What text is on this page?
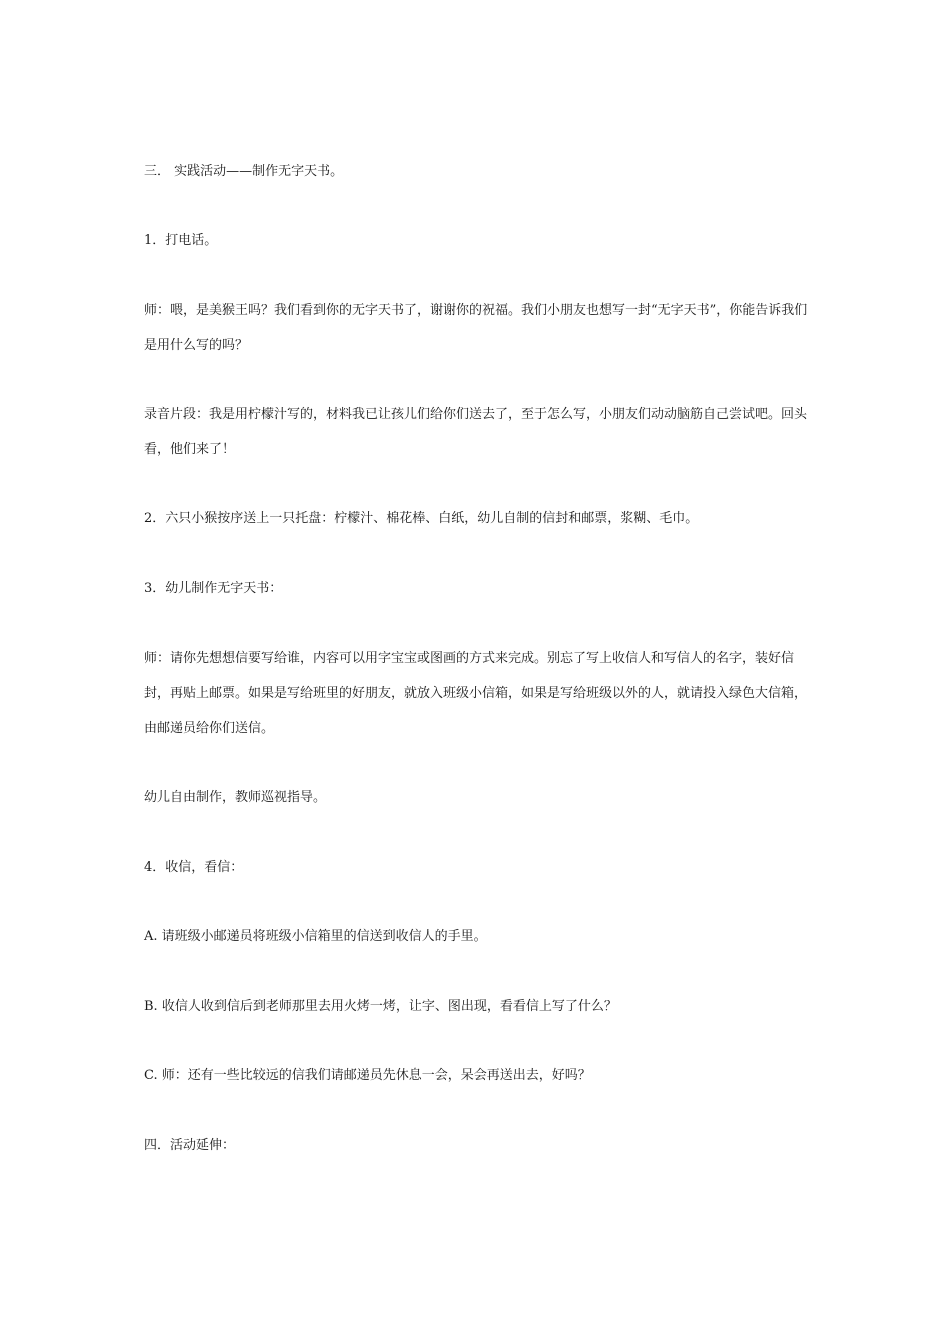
三． 实践活动——制作无字天书。

1．打电话。

师：喂，是美猴王吗？我们看到你的无字天书了，谢谢你的祝福。我们小朋友也想写一封“无字天书”，你能告诉我们是用什么写的吗？

录音片段：我是用柠檬汁写的，材料我已让孩儿们给你们送去了，至于怎么写，小朋友们动动脑筋自己尝试吧。回头看，他们来了！

2．六只小猴按序送上一只托盘：柠檬汁、棉花棒、白纸，幼儿自制的信封和邮票，浆糊、毛巾。

3．幼儿制作无字天书：

师：请你先想想信要写给谁，内容可以用字宝宝或图画的方式来完成。别忘了写上收信人和写信人的名字，装好信封，再贴上邮票。如果是写给班里的好朋友，就放入班级小信箱，如果是写给班级以外的人，就请投入绿色大信箱，由邮递员给你们送信。

幼儿自由制作，教师巡视指导。

4．收信，看信：

A. 请班级小邮递员将班级小信箱里的信送到收信人的手里。

B. 收信人收到信后到老师那里去用火烤一烤，让字、图出现，看看信上写了什么？

C. 师：还有一些比较远的信我们请邮递员先休息一会，呆会再送出去，好吗？

四．活动延伸：
